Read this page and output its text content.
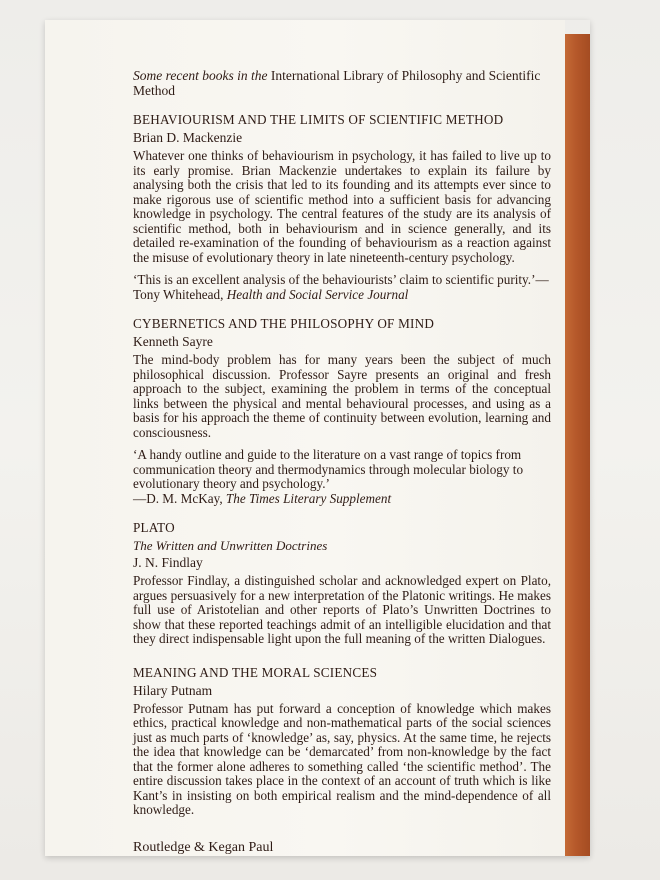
Some recent books in the International Library of Philosophy and Scientific Method

BEHAVIOURISM AND THE LIMITS OF SCIENTIFIC METHOD
Brian D. Mackenzie

Whatever one thinks of behaviourism in psychology, it has failed to live up to its early promise. Brian Mackenzie undertakes to explain its failure by analysing both the crisis that led to its founding and its attempts ever since to make rigorous use of scientific method into a sufficient basis for advancing knowledge in psychology. The central features of the study are its analysis of scientific method, both in behaviourism and in science generally, and its detailed re-examination of the founding of behaviourism as a reaction against the misuse of evolutionary theory in late nineteenth-century psychology.

‘This is an excellent analysis of the behaviourists’ claim to scientific purity.’—Tony Whitehead, Health and Social Service Journal

CYBERNETICS AND THE PHILOSOPHY OF MIND
Kenneth Sayre

The mind-body problem has for many years been the subject of much philosophical discussion. Professor Sayre presents an original and fresh approach to the subject, examining the problem in terms of the conceptual links between the physical and mental behavioural processes, and using as a basis for his approach the theme of continuity between evolution, learning and consciousness.

‘A handy outline and guide to the literature on a vast range of topics from communication theory and thermodynamics through molecular biology to evolutionary theory and psychology.’
—D. M. McKay, The Times Literary Supplement

PLATO
The Written and Unwritten Doctrines
J. N. Findlay

Professor Findlay, a distinguished scholar and acknowledged expert on Plato, argues persuasively for a new interpretation of the Platonic writings. He makes full use of Aristotelian and other reports of Plato’s Unwritten Doctrines to show that these reported teachings admit of an intelligible elucidation and that they direct indispensable light upon the full meaning of the written Dialogues.

MEANING AND THE MORAL SCIENCES
Hilary Putnam

Professor Putnam has put forward a conception of knowledge which makes ethics, practical knowledge and non-mathematical parts of the social sciences just as much parts of ‘knowledge’ as, say, physics. At the same time, he rejects the idea that knowledge can be ‘demarcated’ from non-knowledge by the fact that the former alone adheres to something called ‘the scientific method’. The entire discussion takes place in the context of an account of truth which is like Kant’s in insisting on both empirical realism and the mind-dependence of all knowledge.

Routledge & Kegan Paul
